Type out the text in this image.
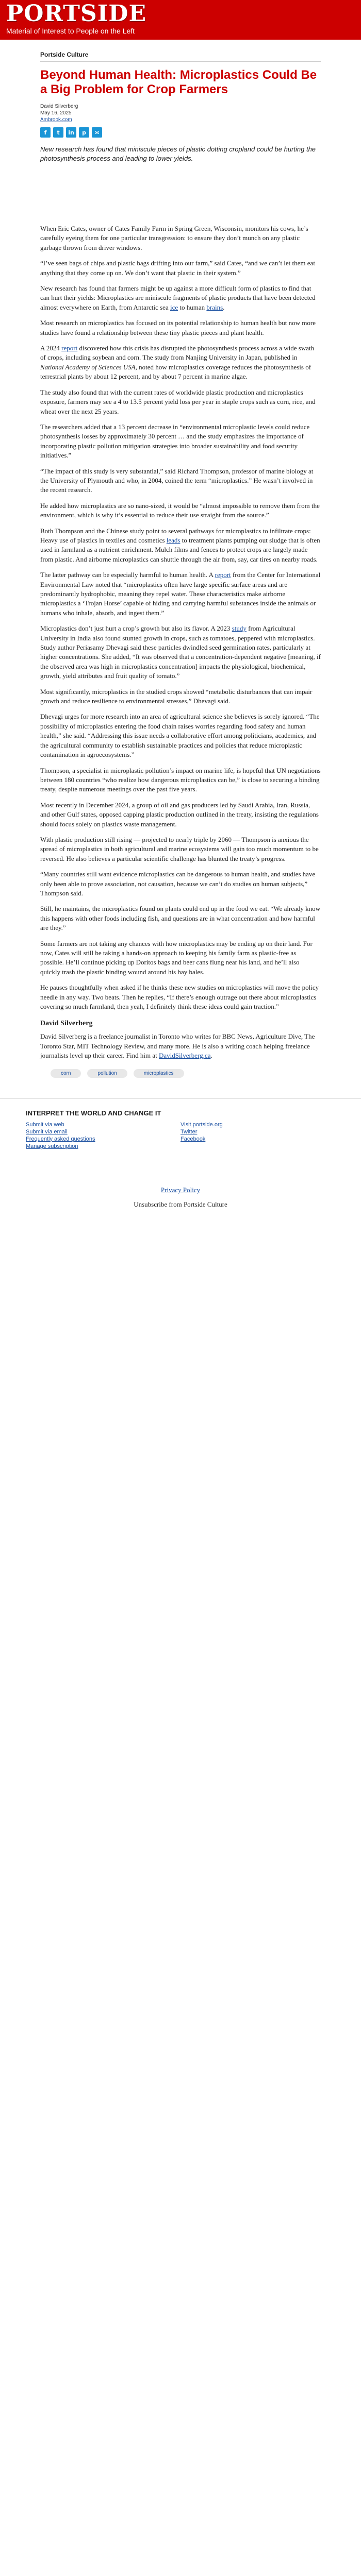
PORTSIDE
Material of Interest to People on the Left
Portside Culture
Beyond Human Health: Microplastics Could Be a Big Problem for Crop Farmers
David Silverberg
May 16, 2025
Ambrook.com
f	t	in	p	✉

New research has found that miniscule pieces of plastic dotting cropland could be hurting the photosynthesis process and leading to lower yields.

When Eric Cates, owner of Cates Family Farm in Spring Green, Wisconsin, monitors his cows, he’s carefully eyeing them for one particular transgression: to ensure they don’t munch on any plastic garbage thrown from driver windows.

“I’ve seen bags of chips and plastic bags drifting into our farm,” said Cates, “and we can’t let them eat anything that they come up on. We don’t want that plastic in their system.”

New research has found that farmers might be up against a more difficult form of plastics to find that can hurt their yields: Microplastics are miniscule fragments of plastic products that have been detected almost everywhere on Earth, from Antarctic sea ice to human brains.

Most research on microplastics has focused on its potential relationship to human health but now more studies have found a relationship between these tiny plastic pieces and plant health.

A 2024 report discovered how this crisis has disrupted the photosynthesis process across a wide swath of crops, including soybean and corn. The study from Nanjing University in Japan, published in National Academy of Sciences USA, noted how microplastics coverage reduces the photosynthesis of terrestrial plants by about 12 percent, and by about 7 percent in marine algae.

The study also found that with the current rates of worldwide plastic production and microplastics exposure, farmers may see a 4 to 13.5 percent yield loss per year in staple crops such as corn, rice, and wheat over the next 25 years.

The researchers added that a 13 percent decrease in “environmental microplastic levels could reduce photosynthesis losses by approximately 30 percent … and the study emphasizes the importance of incorporating plastic pollution mitigation strategies into broader sustainability and food security initiatives.”

“The impact of this study is very substantial,” said Richard Thompson, professor of marine biology at the University of Plymouth and who, in 2004, coined the term “microplastics.” He wasn’t involved in the recent research.

He added how microplastics are so nano-sized, it would be “almost impossible to remove them from the environment, which is why it’s essential to reduce their use straight from the source.”

Both Thompson and the Chinese study point to several pathways for microplastics to infiltrate crops: Heavy use of plastics in textiles and cosmetics leads to treatment plants pumping out sludge that is often used in farmland as a nutrient enrichment. Mulch films and fences to protect crops are largely made from plastic. And airborne microplastics can shuttle through the air from, say, car tires on nearby roads.

The latter pathway can be especially harmful to human health. A report from the Center for International Environmental Law noted that “microplastics often have large specific surface areas and are predominantly hydrophobic, meaning they repel water. These characteristics make airborne microplastics a ‘Trojan Horse’ capable of hiding and carrying harmful substances inside the animals or humans who inhale, absorb, and ingest them.”

Microplastics don’t just hurt a crop’s growth but also its flavor. A 2023 study from Agricultural University in India also found stunted growth in crops, such as tomatoes, peppered with microplastics. Study author Periasamy Dhevagi said these particles dwindled seed germination rates, particularly at higher concentrations. She added, “It was observed that a concentration-dependent negative [meaning, if the observed area was high in microplastics concentration] impacts the physiological, biochemical, growth, yield attributes and fruit quality of tomato.”

Most significantly, microplastics in the studied crops showed “metabolic disturbances that can impair growth and reduce resilience to environmental stresses,” Dhevagi said.

Dhevagi urges for more research into an area of agricultural science she believes is sorely ignored. “The possibility of microplastics entering the food chain raises worries regarding food safety and human health,” she said. “Addressing this issue needs a collaborative effort among politicians, academics, and the agricultural community to establish sustainable practices and policies that reduce microplastic contamination in agroecosystems.”

Thompson, a specialist in microplastic pollution’s impact on marine life, is hopeful that UN negotiations between 180 countries “who realize how dangerous microplastics can be,” is close to securing a binding treaty, despite numerous meetings over the past five years.

Most recently in December 2024, a group of oil and gas producers led by Saudi Arabia, Iran, Russia, and other Gulf states, opposed capping plastic production outlined in the treaty, insisting the regulations should focus solely on plastics waste management.

With plastic production still rising — projected to nearly triple by 2060 — Thompson is anxious the spread of microplastics in both agricultural and marine ecosystems will gain too much momentum to be reversed. He also believes a particular scientific challenge has blunted the treaty’s progress.

“Many countries still want evidence microplastics can be dangerous to human health, and studies have only been able to prove association, not causation, because we can’t do studies on human subjects,” Thompson said.

Still, he maintains, the microplastics found on plants could end up in the food we eat. “We already know this happens with other foods including fish, and questions are in what concentration and how harmful are they.”

Some farmers are not taking any chances with how microplastics may be ending up on their land. For now, Cates will still be taking a hands-on approach to keeping his family farm as plastic-free as possible. He’ll continue picking up Doritos bags and beer cans flung near his land, and he’ll also quickly trash the plastic binding wound around his hay bales.

He pauses thoughtfully when asked if he thinks these new studies on microplastics will move the policy needle in any way. Two beats. Then he replies, “If there’s enough outrage out there about microplastics covering so much farmland, then yeah, I definitely think these ideas could gain traction.”

David Silverberg

David Silverberg is a freelance journalist in Toronto who writes for BBC News, Agriculture Dive, The Toronto Star, MIT Technology Review, and many more. He is also a writing coach helping freelance journalists level up their career. Find him at DavidSilverberg.ca.

corn	pollution	microplastics
INTERPRET THE WORLD AND CHANGE IT
Submit via web
Submit via email
Frequently asked questions
Manage subscription
Visit portside.org
Twitter
Facebook
Privacy Policy
Unsubscribe from Portside Culture
